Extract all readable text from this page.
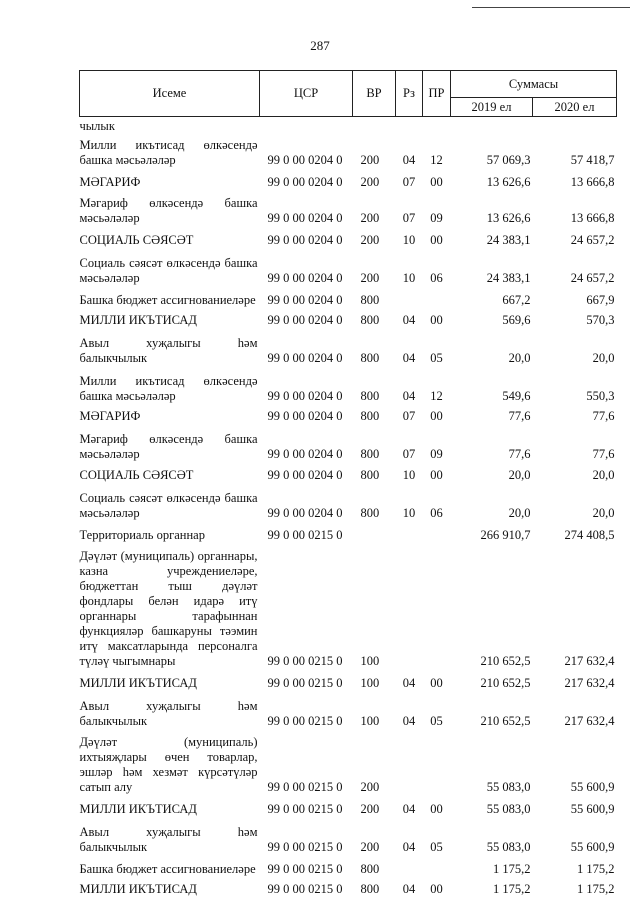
287
Исеме	ЦСР	ВР	Рз	ПР	Суммасы	
					2019 ел	2020 ел

чылык						

Милли икътисад өлкәсендә башка мәсьәләләр	99 0 00 0204 0	200	04	12	57 069,3	57 418,7

МӘГАРИФ	99 0 00 0204 0	200	07	00	13 626,6	13 666,8

Мәгариф өлкәсендә башка мәсьәләләр	99 0 00 0204 0	200	07	09	13 626,6	13 666,8

СОЦИАЛЬ СӘЯСӘТ	99 0 00 0204 0	200	10	00	24 383,1	24 657,2

Социаль сәясәт өлкәсендә башка мәсьәләләр	99 0 00 0204 0	200	10	06	24 383,1	24 657,2

Башка бюджет ассигнованиеләре	99 0 00 0204 0	800			667,2	667,9

МИЛЛИ ИКЪТИСАД	99 0 00 0204 0	800	04	00	569,6	570,3

Авыл хуҗалыгы һәм балыкчылык	99 0 00 0204 0	800	04	05	20,0	20,0

Милли икътисад өлкәсендә башка мәсьәләләр	99 0 00 0204 0	800	04	12	549,6	550,3

МӘГАРИФ	99 0 00 0204 0	800	07	00	77,6	77,6

Мәгариф өлкәсендә башка мәсьәләләр	99 0 00 0204 0	800	07	09	77,6	77,6

СОЦИАЛЬ СӘЯСӘТ	99 0 00 0204 0	800	10	00	20,0	20,0

Социаль сәясәт өлкәсендә башка мәсьәләләр	99 0 00 0204 0	800	10	06	20,0	20,0

Территориаль органнар	99 0 00 0215 0				266 910,7	274 408,5

Дәүләт (муниципаль) органнары, казна учреждениеләре, бюджеттан тыш дәүләт фондлары белән идарә итү органнары тарафыннан функцияләр башкаруны тәэмин итү максатларында персоналга түләү чыгымнары	99 0 00 0215 0	100			210 652,5	217 632,4

МИЛЛИ ИКЪТИСАД	99 0 00 0215 0	100	04	00	210 652,5	217 632,4

Авыл хуҗалыгы һәм балыкчылык	99 0 00 0215 0	100	04	05	210 652,5	217 632,4

Дәүләт (муниципаль) ихтыяҗлары өчен товарлар, эшләр һәм хезмәт күрсәтүләр сатып алу	99 0 00 0215 0	200			55 083,0	55 600,9

МИЛЛИ ИКЪТИСАД	99 0 00 0215 0	200	04	00	55 083,0	55 600,9

Авыл хуҗалыгы һәм балыкчылык	99 0 00 0215 0	200	04	05	55 083,0	55 600,9

Башка бюджет ассигнованиеләре	99 0 00 0215 0	800			1 175,2	1 175,2

МИЛЛИ ИКЪТИСАД	99 0 00 0215 0	800	04	00	1 175,2	1 175,2
